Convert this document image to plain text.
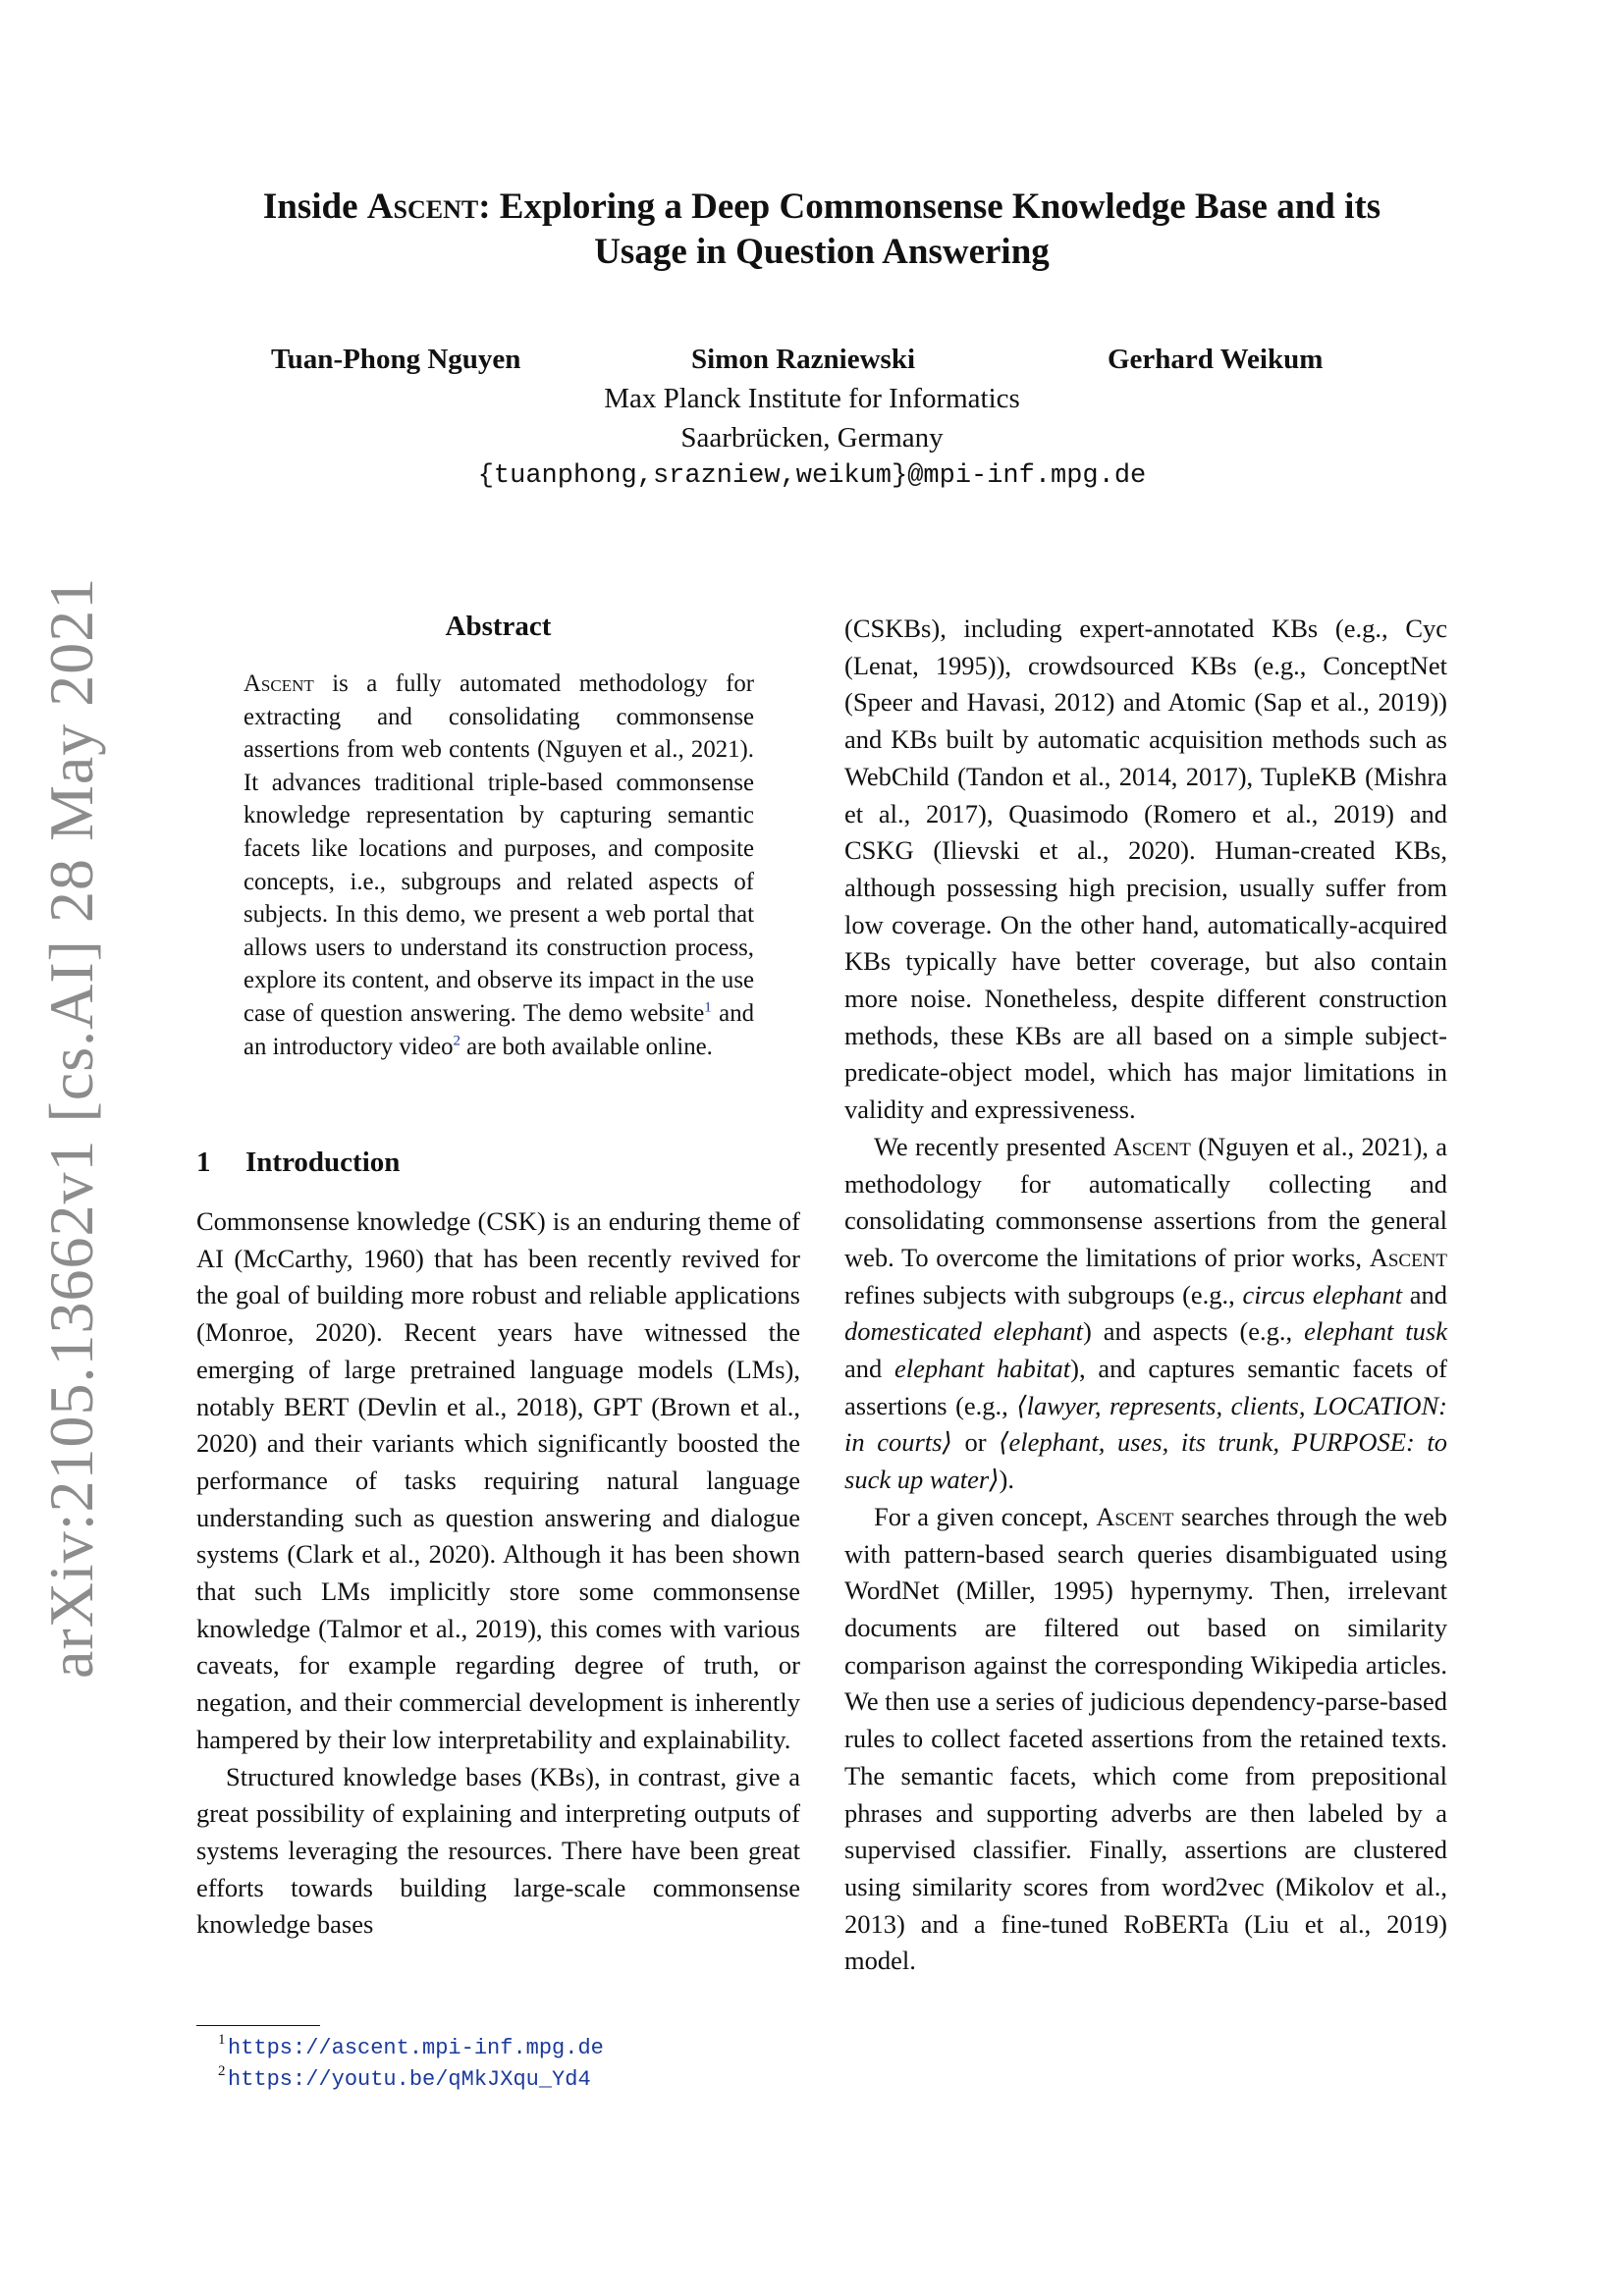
arXiv:2105.13662v1 [cs.AI] 28 May 2021
Inside Ascent: Exploring a Deep Commonsense Knowledge Base and its
Usage in Question Answering
Tuan-Phong Nguyen	Simon Razniewski	Gerhard Weikum
Max Planck Institute for Informatics
Saarbrücken, Germany
{tuanphong,srazniew,weikum}@mpi-inf.mpg.de
Abstract
Ascent is a fully automated methodology for extracting and consolidating commonsense assertions from web contents (Nguyen et al., 2021). It advances traditional triple-based commonsense knowledge representation by capturing semantic facets like locations and purposes, and composite concepts, i.e., subgroups and related aspects of subjects. In this demo, we present a web portal that allows users to understand its construction process, explore its content, and observe its impact in the use case of question answering. The demo website$^1$ and an introductory video$^2$ are both available online.
1 Introduction

Commonsense knowledge (CSK) is an enduring theme of AI (McCarthy, 1960) that has been recently revived for the goal of building more robust and reliable applications (Monroe, 2020). Recent years have witnessed the emerging of large pretrained language models (LMs), notably BERT (Devlin et al., 2018), GPT (Brown et al., 2020) and their variants which significantly boosted the performance of tasks requiring natural language understanding such as question answering and dialogue systems (Clark et al., 2020). Although it has been shown that such LMs implicitly store some commonsense knowledge (Talmor et al., 2019), this comes with various caveats, for example regarding degree of truth, or negation, and their commercial development is inherently hampered by their low interpretability and explainability.

Structured knowledge bases (KBs), in contrast, give a great possibility of explaining and interpreting outputs of systems leveraging the resources. There have been great efforts towards building large-scale commonsense knowledge bases

(CSKBs), including expert-annotated KBs (e.g., Cyc (Lenat, 1995)), crowdsourced KBs (e.g., ConceptNet (Speer and Havasi, 2012) and Atomic (Sap et al., 2019)) and KBs built by automatic acquisition methods such as WebChild (Tandon et al., 2014, 2017), TupleKB (Mishra et al., 2017), Quasimodo (Romero et al., 2019) and CSKG (Ilievski et al., 2020). Human-created KBs, although possessing high precision, usually suffer from low coverage. On the other hand, automatically-acquired KBs typically have better coverage, but also contain more noise. Nonetheless, despite different construction methods, these KBs are all based on a simple subject-predicate-object model, which has major limitations in validity and expressiveness.

We recently presented Ascent (Nguyen et al., 2021), a methodology for automatically collecting and consolidating commonsense assertions from the general web. To overcome the limitations of prior works, Ascent refines subjects with subgroups (e.g., circus elephant and domesticated elephant) and aspects (e.g., elephant tusk and elephant habitat), and captures semantic facets of assertions (e.g., ⟨lawyer, represents, clients, LOCATION: in courts⟩ or ⟨elephant, uses, its trunk, PURPOSE: to suck up water⟩).

For a given concept, Ascent searches through the web with pattern-based search queries disambiguated using WordNet (Miller, 1995) hypernymy. Then, irrelevant documents are filtered out based on similarity comparison against the corresponding Wikipedia articles. We then use a series of judicious dependency-parse-based rules to collect faceted assertions from the retained texts. The semantic facets, which come from prepositional phrases and supporting adverbs are then labeled by a supervised classifier. Finally, assertions are clustered using similarity scores from word2vec (Mikolov et al., 2013) and a fine-tuned RoBERTa (Liu et al., 2019) model.

1 https://ascent.mpi-inf.mpg.de
2 https://youtu.be/qMkJXqu_Yd4
